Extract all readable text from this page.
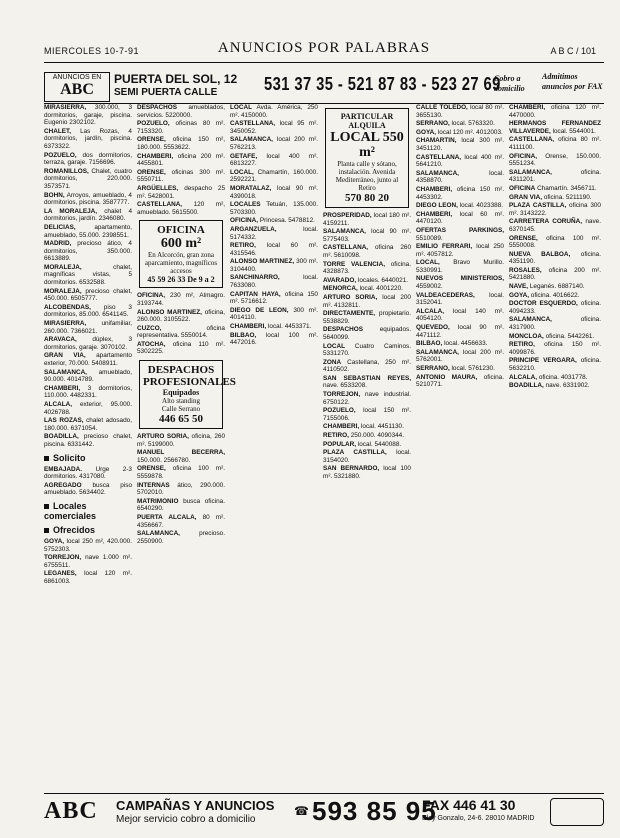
MIERCOLES 10-7-91	ANUNCIOS POR PALABRAS	A B C / 101
ANUNCIOS EN
ABC
PUERTA DEL SOL, 12
SEMI PUERTA CALLE	531 37 35 - 521 87 83 - 523 27 69
Cobro a domicilio
Admitimos anuncios por FAX

MIRASIERRA, 300.000, 3 dormitorios, garaje, piscina. Eugenio 2302102.

CHALET, Las Rozas, 4 dormitorios, jardín, piscina. 6373322.

POZUELO, dos dormitorios, terraza, garaje. 7156696.

ROMANILLOS, Chalet, cuatro dormitorios, 220.000. 3573571.

BOHN, Arroyos, amueblado, 4 dormitorios, piscina. 3587777.

LA MORALEJA, chalet 4 dormitorios, jardín. 2346080.

DELICIAS,	apartamento, amueblado, 55.000. 2398551.

MADRID, precioso ático, 4 dormitorios, 350.000. 6613889.

MORALEJA,	chalet, magníficas vistas, 5 dormitorios. 6532588.

MORALEJA, precioso chalet, 450.000. 6505777.

ALCOBENDAS, piso 3 dormitorios, 85.000. 6541145.

MIRASIERRA, unifamiliar, 260.000. 7366021.

ARAVACA, dúplex, 3 dormitorios, garaje. 3070102.

GRAN VIA, apartamento exterior, 70.000. 5408911.

SALAMANCA, amueblado, 90.000. 4014789.

CHAMBERI, 3 dormitorios, 110.000. 4482331.

ALCALA, exterior, 95.000. 4026788.

LAS ROZAS, chalet adosado, 180.000. 6371054.

BOADILLA, precioso chalet, piscina. 6331442.

Solicito

EMBAJADA. Urge 2-3 dormitorios. 4317080.

AGREGADO busca piso amueblado. 5634402.

Locales comerciales
Ofrecidos

GOYA, local 250 m², 420.000. 5752303.

TORREJON, nave 1.000 m². 6755511.

LEGANES, local 120 m². 6861003.

DESPACHOS amueblados, servicios. 5220000.

POZUELO, oficinas 80 m². 7153320.

ORENSE, oficina 150 m², 180.000. 5553622.

CHAMBERI, oficina 200 m². 4455801.

ORENSE, oficinas 300 m². 5550711.

ARGÜELLES, despacho 25 m². 5428001.

CASTELLANA, 120 m², amueblado. 5615500.

OFICINA
600 m²
En Alcorcón, gran zona aparcamiento, magníficos accesos
45 59 26 33 De 9 a 2

OFICINA, 230 m², Almagro. 3193744.

ALONSO MARTINEZ, oficina, 260.000. 3105522.

CUZCO,	oficina representativa. 5550014.

ATOCHA, oficina 110 m². 5302225.

DESPACHOS PROFESIONALES
Equipados
Alto standing
Calle Serrano
446 65 50

ARTURO SORIA, oficina, 260 m². 5199000.

MANUEL BECERRA, 150.000. 2566780.

ORENSE, oficina 100 m². 5559878.

INTERNAS ático, 290.000. 5702010.

MATRIMONIO busca oficina. 6540290.

PUERTA ALCALA, 80 m². 4356667.

SALAMANCA,	precioso. 2550900.

LOCAL Avda. América, 250 m². 4150000.

CASTELLANA, local 95 m². 3450052.

SALAMANCA, local 200 m². 5762213.

GETAFE, local 400 m². 6813227.

LOCAL, Chamartín, 160.000. 2592221.

MORATALAZ, local 90 m². 4390018.

LOCALES Tetuán, 135.000. 5703300.

OFICINA, Princesa. 5478812.

ARGANZUELA,	local. 5174332.

RETIRO, local 60 m². 4315546.

ALONSO MARTINEZ, 300 m². 3104400.

SANCHINARRO,	local. 7633080.

CAPITAN HAYA, oficina 150 m². 5716612.

DIEGO DE LEON, 300 m². 4014110.

CHAMBERI, local. 4453371.

BILBAO, local 100 m². 4472016.

PARTICULAR ALQUILA
LOCAL 550 m²
Planta calle y sótano, instalación. Avenida Mediterráneo, junto al Retiro
570 80 20

PROSPERIDAD, local 180 m². 4159211.

SALAMANCA, local 90 m². 5775403.

CASTELLANA, oficina 260 m². 5610098.

TORRE VALENCIA, oficina. 4328873.

AVARADO, locales. 6440021.

MENORCA, local. 4001220.

ARTURO SORIA, local 200 m². 4132811.

DIRECTAMENTE, propietario. 5538829.

DESPACHOS	equipados. 5640099.

LOCAL Cuatro Caminos. 5331270.

ZONA Castellana, 250 m². 4110502.

SAN SEBASTIAN REYES, nave. 6533208.

TORREJON, nave industrial. 6750122.

POZUELO, local 150 m². 7155006.

CHAMBERI, local. 4451130.

RETIRO, 250.000. 4090344.

POPULAR, local. 5440088.

PLAZA CASTILLA, local. 3154020.

SAN BERNARDO, local 100 m². 5321880.

CALLE TOLEDO, local 80 m². 3655130.

SERRANO, local. 5763320.

GOYA, local 120 m². 4012003.

CHAMARTIN, local 300 m². 3451120.

CASTELLANA, local 400 m². 5641210.

SALAMANCA,	local. 4358870.

CHAMBERI, oficina 150 m². 4453302.

DIEGO LEON, local. 4023388.

CHAMBERI, local 60 m². 4470120.

OFERTAS PARKINGS, 5510089.

EMILIO FERRARI, local 250 m². 4057812.

LOCAL, Bravo Murillo. 5330991.

NUEVOS MINISTERIOS, 4559002.

VALDEACEDERAS, local. 3152041.

ALCALA, local 140 m². 4054120.

QUEVEDO, local 90 m². 4471112.

BILBAO, local. 4456633.

SALAMANCA, local 200 m². 5762001.

SERRANO, local. 5761230.

ANTONIO MAURA, oficina. 5210771.

CHAMBERI, oficina 120 m². 4470000.

HERMANOS FERNANDEZ VILLAVERDE, local. 5544001.

CASTELLANA, oficina 80 m². 4111100.

OFICINA, Orense, 150.000. 5551234.

SALAMANCA,	oficina. 4311201.

OFICINA Chamartín. 3456711.

GRAN VIA, oficina. 5211190.

PLAZA CASTILLA, oficina 300 m². 3143222.

CARRETERA CORUÑA, nave. 6370145.

ORENSE, oficina 100 m². 5550008.

NUEVA BALBOA, oficina. 4351190.

ROSALES, oficina 200 m². 5421880.

NAVE, Leganés. 6887140.

GOYA, oficina. 4016622.

DOCTOR ESQUERDO, oficina. 4094233.

SALAMANCA,	oficina. 4317900.

MONCLOA, oficina. 5442261.

RETIRO, oficina 150 m². 4099876.

PRINCIPE VERGARA, oficina. 5632210.

ALCALA, oficina. 4031778.

BOADILLA, nave. 6331902.

ABC CAMPAÑAS Y ANUNCIOS
Mejor servicio cobro a domicilio
☎ 593 85 95
FAX 446 41 30
Eloy Gonzalo, 24-6. 28010 MADRID
